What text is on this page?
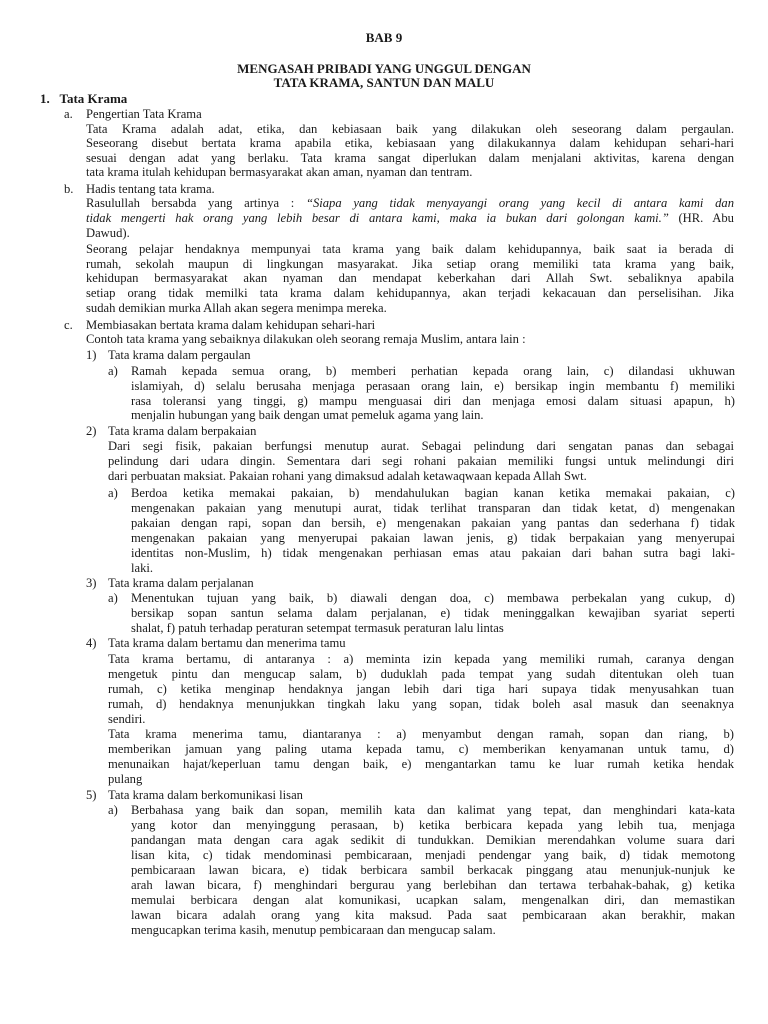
BAB 9
MENGASAH PRIBADI YANG UNGGUL DENGAN
TATA KRAMA, SANTUN DAN MALU
1. Tata Krama
a. Pengertian Tata Krama
Tata Krama adalah adat, etika, dan kebiasaan baik yang dilakukan oleh seseorang dalam pergaulan.
Seseorang disebut bertata krama apabila etika, kebiasaan yang dilakukannya dalam kehidupan sehari-hari
sesuai dengan adat yang berlaku. Tata krama sangat diperlukan dalam menjalani aktivitas, karena dengan
tata krama itulah kehidupan bermasyarakat akan aman, nyaman dan tentram.
b. Hadis tentang tata krama.
Rasulullah bersabda yang artinya : “Siapa yang tidak menyayangi orang yang kecil di antara kami dan
tidak mengerti hak orang yang lebih besar di antara kami, maka ia bukan dari golongan kami.” (HR. Abu
Dawud).
Seorang pelajar hendaknya mempunyai tata krama yang baik dalam kehidupannya, baik saat ia berada di
rumah, sekolah maupun di lingkungan masyarakat. Jika setiap orang memiliki tata krama yang baik,
kehidupan bermasyarakat akan nyaman dan mendapat keberkahan dari Allah Swt. sebaliknya apabila
setiap orang tidak memilki tata krama dalam kehidupannya, akan terjadi kekacauan dan perselisihan. Jika
sudah demikian murka Allah akan segera menimpa mereka.
c. Membiasakan bertata krama dalam kehidupan sehari-hari
Contoh tata krama yang sebaiknya dilakukan oleh seorang remaja Muslim, antara lain :
1) Tata krama dalam pergaulan
a) Ramah kepada semua orang, b) memberi perhatian kepada orang lain, c) dilandasi ukhuwan
islamiyah, d) selalu berusaha menjaga perasaan orang lain, e) bersikap ingin membantu f) memiliki
rasa toleransi yang tinggi, g) mampu menguasai diri dan menjaga emosi dalam situasi apapun, h)
menjalin hubungan yang baik dengan umat pemeluk agama yang lain.
2) Tata krama dalam berpakaian
Dari segi fisik, pakaian berfungsi menutup aurat. Sebagai pelindung dari sengatan panas dan sebagai
pelindung dari udara dingin. Sementara dari segi rohani pakaian memiliki fungsi untuk melindungi diri
dari perbuatan maksiat. Pakaian rohani yang dimaksud adalah ketawaqwaan kepada Allah Swt.
a) Berdoa ketika memakai pakaian, b) mendahulukan bagian kanan ketika memakai pakaian, c)
mengenakan pakaian yang menutupi aurat, tidak terlihat transparan dan tidak ketat, d) mengenakan
pakaian dengan rapi, sopan dan bersih, e) mengenakan pakaian yang pantas dan sederhana f) tidak
mengenakan pakaian yang menyerupai pakaian lawan jenis, g) tidak berpakaian yang menyerupai
identitas non-Muslim, h) tidak mengenakan perhiasan emas atau pakaian dari bahan sutra bagi laki-
laki.
3) Tata krama dalam perjalanan
a) Menentukan tujuan yang baik, b) diawali dengan doa, c) membawa perbekalan yang cukup, d)
bersikap sopan santun selama dalam perjalanan, e) tidak meninggalkan kewajiban syariat seperti
shalat, f) patuh terhadap peraturan setempat termasuk peraturan lalu lintas
4) Tata krama dalam bertamu dan menerima tamu
Tata krama bertamu, di antaranya : a) meminta izin kepada yang memiliki rumah, caranya dengan
mengetuk pintu dan mengucap salam, b) duduklah pada tempat yang sudah ditentukan oleh tuan
rumah, c) ketika menginap hendaknya jangan lebih dari tiga hari supaya tidak menyusahkan tuan
rumah, d) hendaknya menunjukkan tingkah laku yang sopan, tidak boleh asal masuk dan seenaknya
sendiri.
Tata krama menerima tamu, diantaranya : a) menyambut dengan ramah, sopan dan riang, b)
memberikan jamuan yang paling utama kepada tamu, c) memberikan kenyamanan untuk tamu, d)
menunaikan hajat/keperluan tamu dengan baik, e) mengantarkan tamu ke luar rumah ketika hendak
pulang
5) Tata krama dalam berkomunikasi lisan
a) Berbahasa yang baik dan sopan, memilih kata dan kalimat yang tepat, dan menghindari kata-kata
yang kotor dan menyinggung perasaan, b) ketika berbicara kepada yang lebih tua, menjaga
pandangan mata dengan cara agak sedikit di tundukkan. Demikian merendahkan volume suara dari
lisan kita, c) tidak mendominasi pembicaraan, menjadi pendengar yang baik, d) tidak memotong
pembicaraan lawan bicara, e) tidak berbicara sambil berkacak pinggang atau menunjuk-nunjuk ke
arah lawan bicara, f) menghindari bergurau yang berlebihan dan tertawa terbahak-bahak, g) ketika
memulai berbicara dengan alat komunikasi, ucapkan salam, mengenalkan diri, dan memastikan
lawan bicara adalah orang yang kita maksud. Pada saat pembicaraan akan berakhir, makan
mengucapkan terima kasih, menutup pembicaraan dan mengucap salam.
